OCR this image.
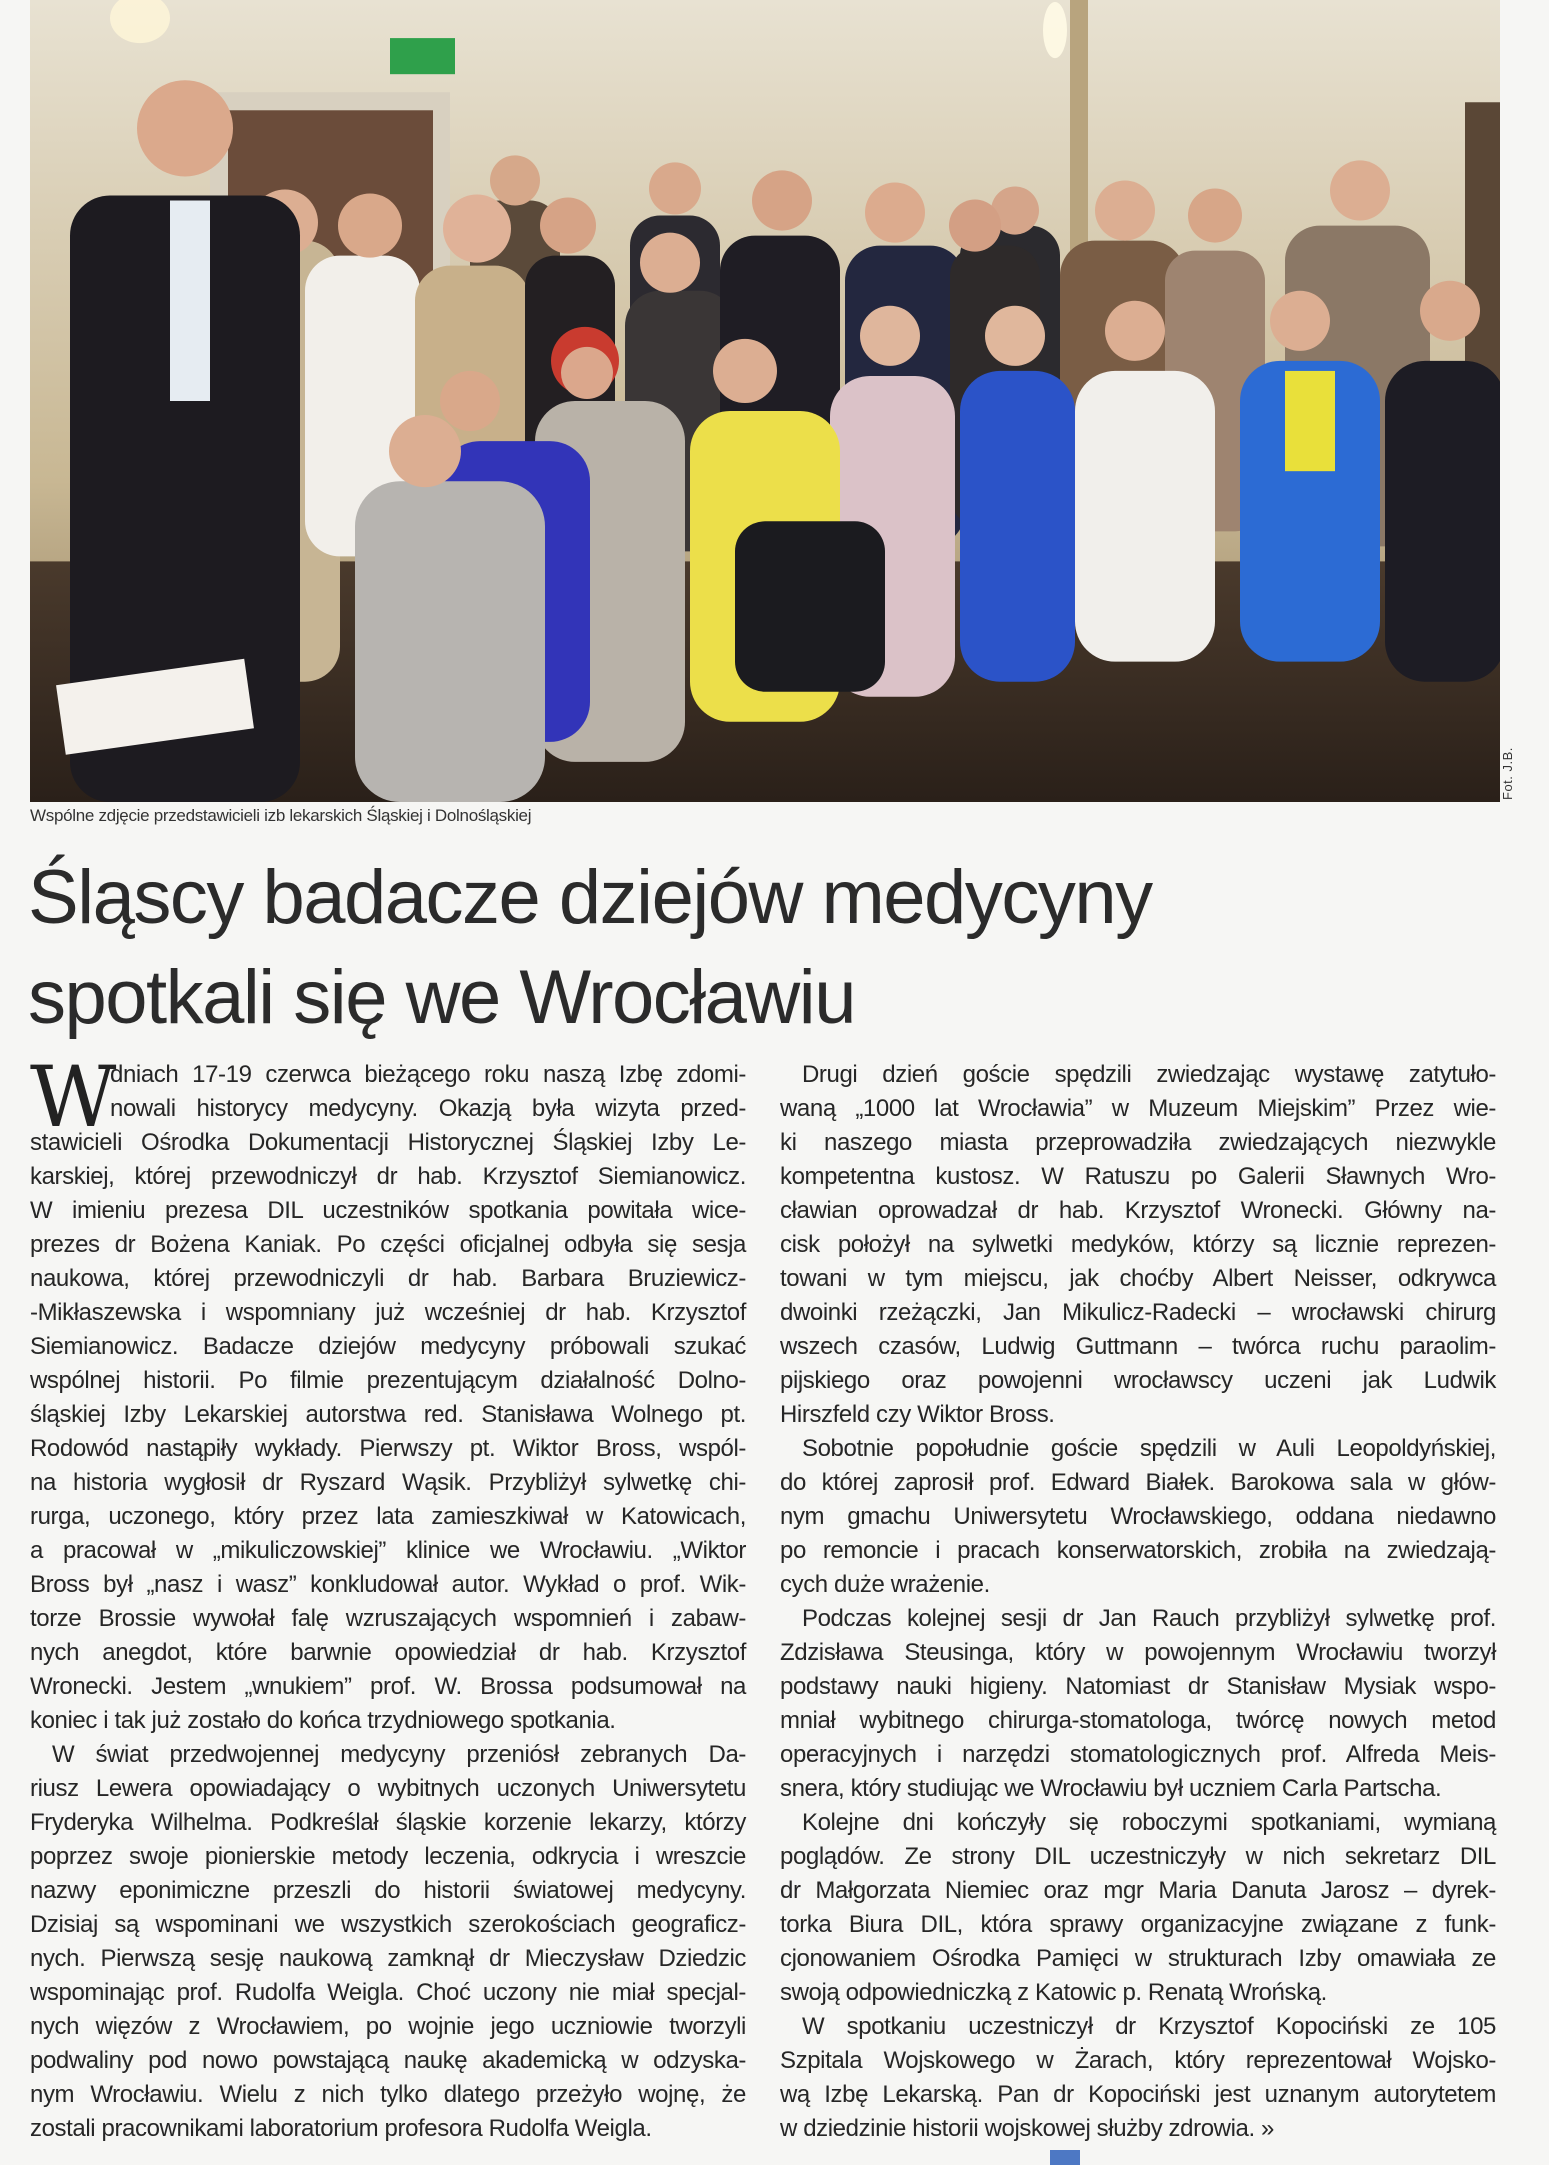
Fot. J.B.
Wspólne zdjęcie przedstawicieli izb lekarskich Śląskiej i Dolnośląskiej
Śląscy badacze dziejów medycyny
spotkali się we Wrocławiu
W
dniach 17-19 czerwca bieżącego roku naszą Izbę zdomi-
nowali historycy medycyny. Okazją była wizyta przed-
stawicieli Ośrodka Dokumentacji Historycznej Śląskiej Izby Le-
karskiej, której przewodniczył dr hab. Krzysztof Siemianowicz.
W imieniu prezesa DIL uczestników spotkania powitała wice-
prezes dr Bożena Kaniak. Po części oficjalnej odbyła się sesja
naukowa, której przewodniczyli dr hab. Barbara Bruziewicz-
-Mikłaszewska i wspomniany już wcześniej dr hab. Krzysztof
Siemianowicz. Badacze dziejów medycyny próbowali szukać
wspólnej historii. Po filmie prezentującym działalność Dolno-
śląskiej Izby Lekarskiej autorstwa red. Stanisława Wolnego pt.
Rodowód nastąpiły wykłady. Pierwszy pt. Wiktor Bross, wspól-
na historia wygłosił dr Ryszard Wąsik. Przybliżył sylwetkę chi-
rurga, uczonego, który przez lata zamieszkiwał w Katowicach,
a pracował w „mikuliczowskiej” klinice we Wrocławiu. „Wiktor
Bross był „nasz i wasz” konkludował autor. Wykład o prof. Wik-
torze Brossie wywołał falę wzruszających wspomnień i zabaw-
nych anegdot, które barwnie opowiedział dr hab. Krzysztof
Wronecki. Jestem „wnukiem” prof. W. Brossa podsumował na
koniec i tak już zostało do końca trzydniowego spotkania.
W świat przedwojennej medycyny przeniósł zebranych Da-
riusz Lewera opowiadający o wybitnych uczonych Uniwersytetu
Fryderyka Wilhelma. Podkreślał śląskie korzenie lekarzy, którzy
poprzez swoje pionierskie metody leczenia, odkrycia i wreszcie
nazwy eponimiczne przeszli do historii światowej medycyny.
Dzisiaj są wspominani we wszystkich szerokościach geograficz-
nych. Pierwszą sesję naukową zamknął dr Mieczysław Dziedzic
wspominając prof. Rudolfa Weigla. Choć uczony nie miał specjal-
nych więzów z Wrocławiem, po wojnie jego uczniowie tworzyli
podwaliny pod nowo powstającą naukę akademicką w odzyska-
nym Wrocławiu. Wielu z nich tylko dlatego przeżyło wojnę, że
zostali pracownikami laboratorium profesora Rudolfa Weigla.
Drugi dzień goście spędzili zwiedzając wystawę zatytuło-
waną „1000 lat Wrocławia” w Muzeum Miejskim” Przez wie-
ki naszego miasta przeprowadziła zwiedzających niezwykle
kompetentna kustosz. W Ratuszu po Galerii Sławnych Wro-
cławian oprowadzał dr hab. Krzysztof Wronecki. Główny na-
cisk położył na sylwetki medyków, którzy są licznie reprezen-
towani w tym miejscu, jak choćby Albert Neisser, odkrywca
dwoinki rzeżączki, Jan Mikulicz-Radecki – wrocławski chirurg
wszech czasów, Ludwig Guttmann – twórca ruchu paraolim-
pijskiego oraz powojenni wrocławscy uczeni jak Ludwik
Hirszfeld czy Wiktor Bross.
Sobotnie popołudnie goście spędzili w Auli Leopoldyńskiej,
do której zaprosił prof. Edward Białek. Barokowa sala w głów-
nym gmachu Uniwersytetu Wrocławskiego, oddana niedawno
po remoncie i pracach konserwatorskich, zrobiła na zwiedzają-
cych duże wrażenie.
Podczas kolejnej sesji dr Jan Rauch przybliżył sylwetkę prof.
Zdzisława Steusinga, który w powojennym Wrocławiu tworzył
podstawy nauki higieny. Natomiast dr Stanisław Mysiak wspo-
mniał wybitnego chirurga-stomatologa, twórcę nowych metod
operacyjnych i narzędzi stomatologicznych prof. Alfreda Meis-
snera, który studiując we Wrocławiu był uczniem Carla Partscha.
Kolejne dni kończyły się roboczymi spotkaniami, wymianą
poglądów. Ze strony DIL uczestniczyły w nich sekretarz DIL
dr Małgorzata Niemiec oraz mgr Maria Danuta Jarosz – dyrek-
torka Biura DIL, która sprawy organizacyjne związane z funk-
cjonowaniem Ośrodka Pamięci w strukturach Izby omawiała ze
swoją odpowiedniczką z Katowic p. Renatą Wrońską.
W spotkaniu uczestniczył dr Krzysztof Kopociński ze 105
Szpitala Wojskowego w Żarach, który reprezentował Wojsko-
wą Izbę Lekarską. Pan dr Kopociński jest uznanym autorytetem
w dziedzinie historii wojskowej służby zdrowia. »
